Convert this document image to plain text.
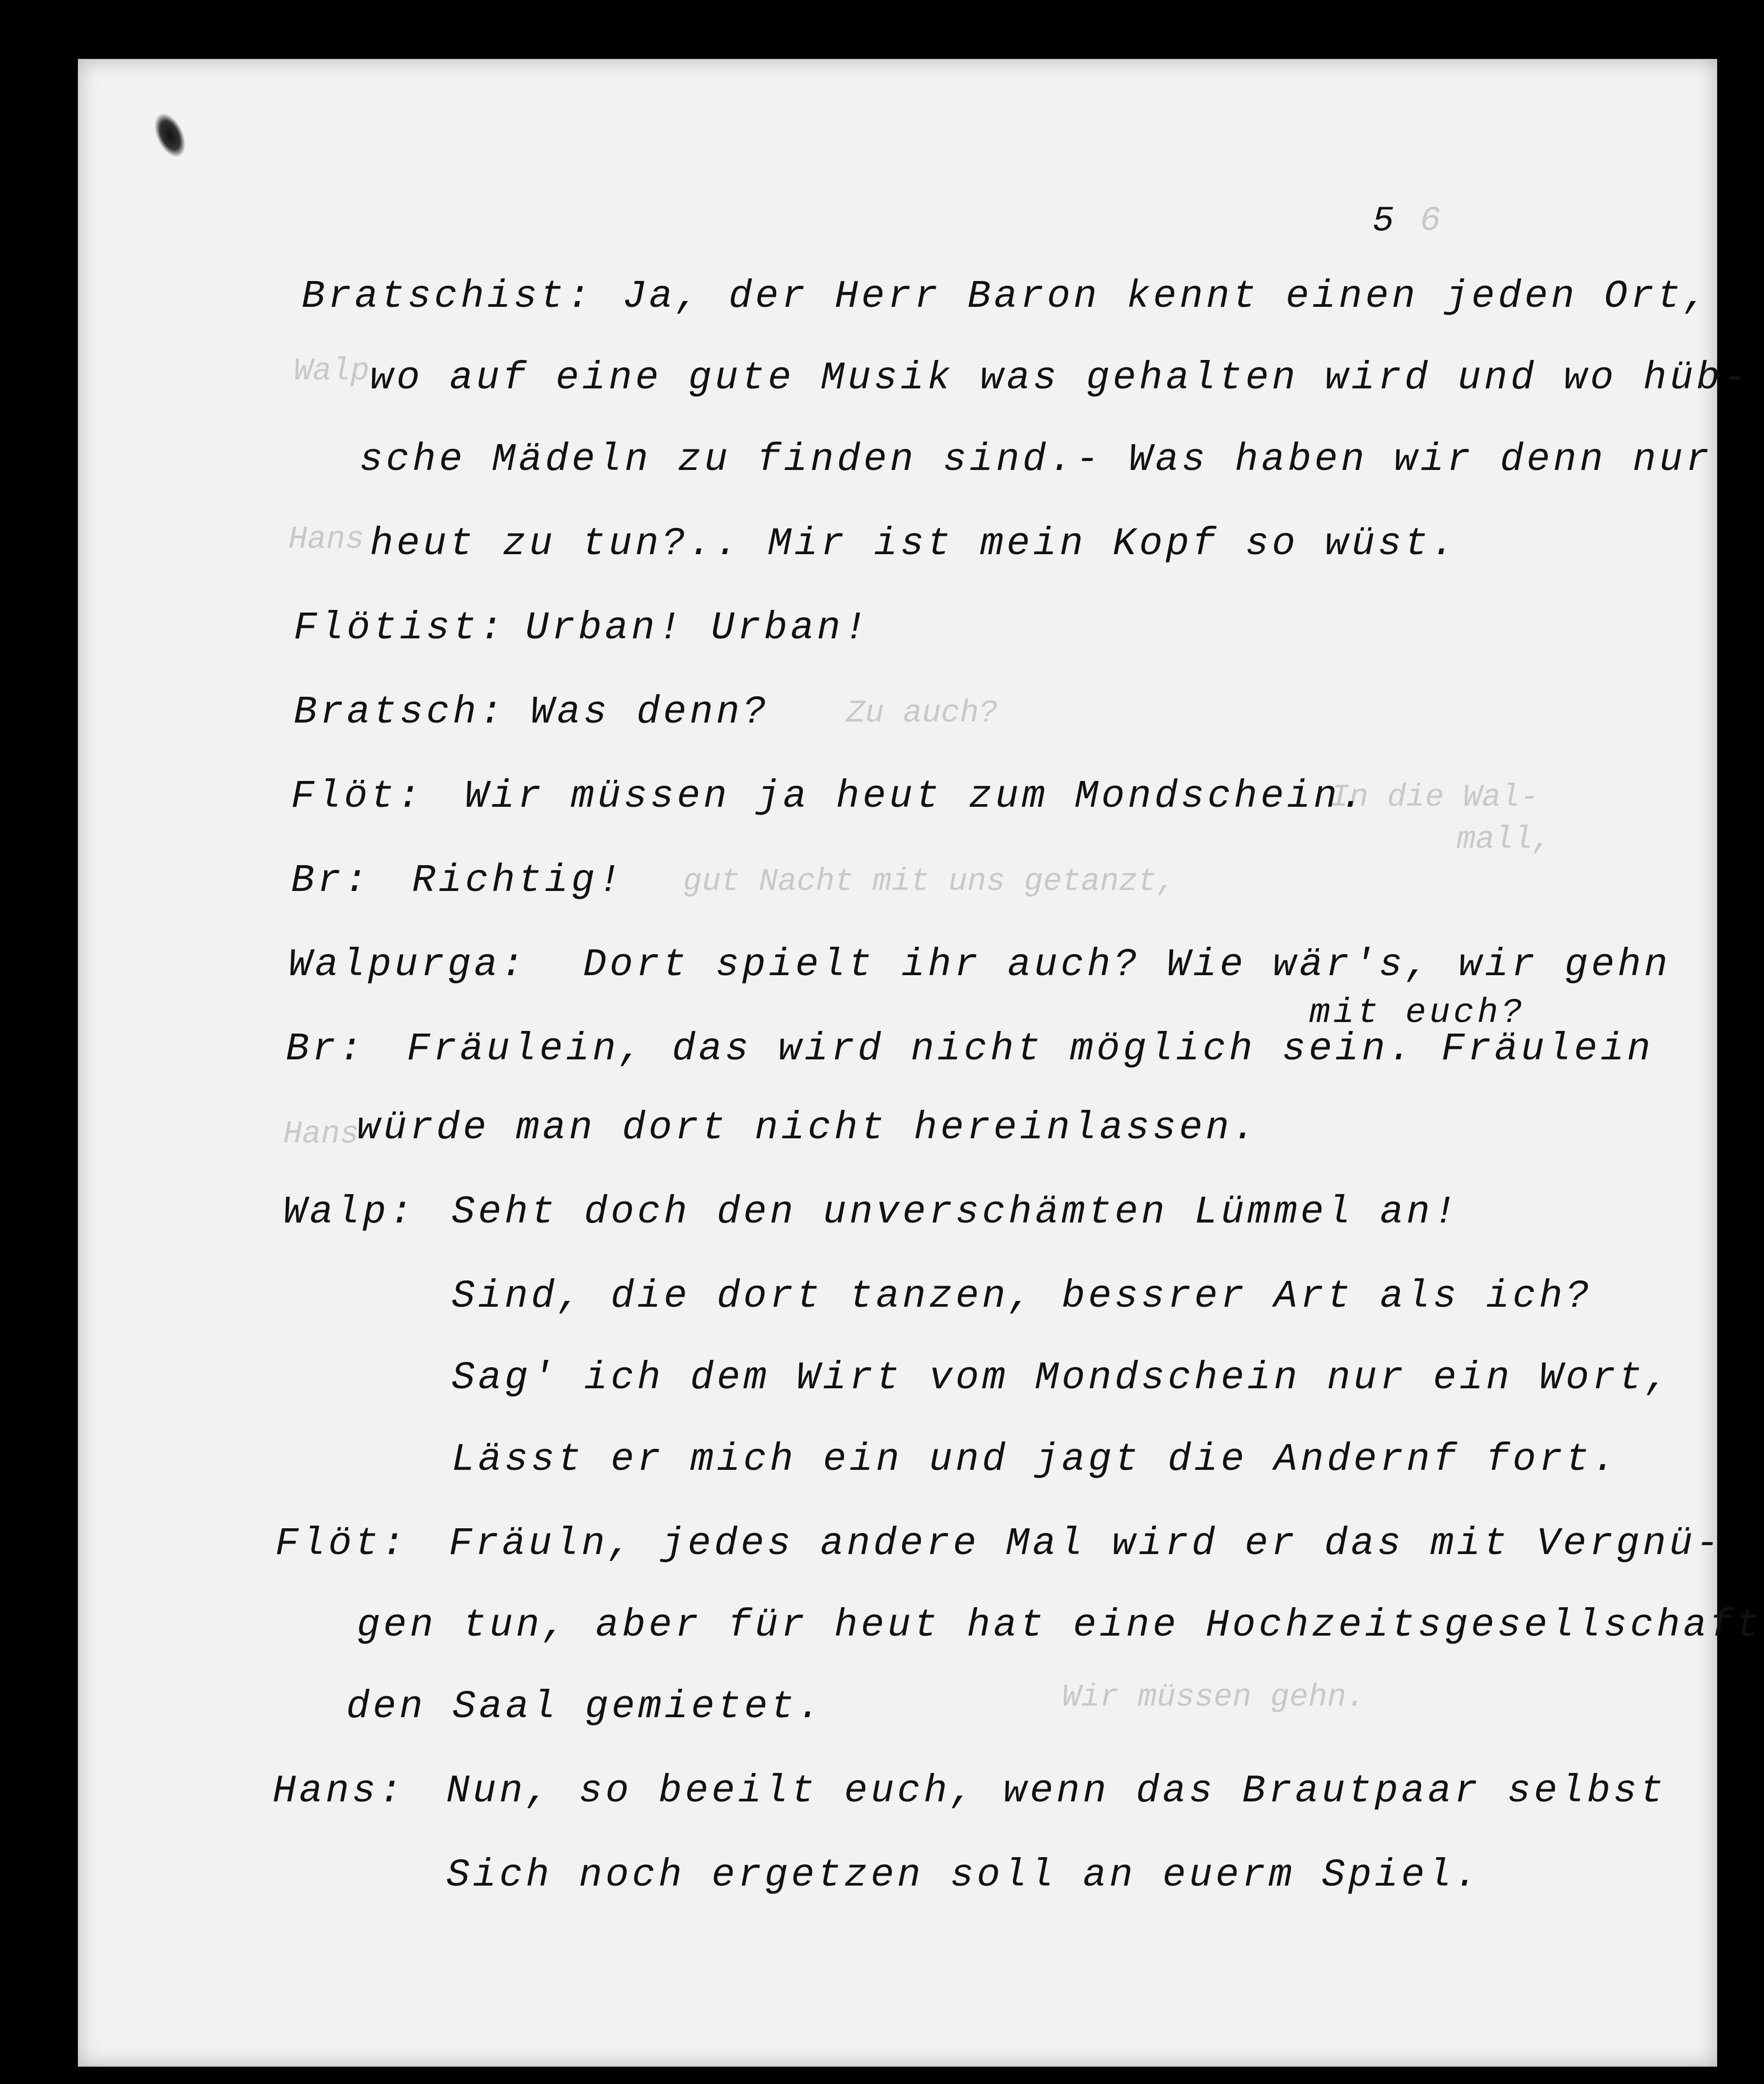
Walp
Hans
Zu auch?
In die Wal-
mall,
gut Nacht mit uns getanzt,
Hans
Wir müssen gehn.
5 6
Bratschist: Ja, der Herr Baron kennt einen jeden Ort,
wo auf eine gute Musik was gehalten wird und wo hüb-
sche Mädeln zu finden sind.- Was haben wir denn nur
heut zu tun?.. Mir ist mein Kopf so wüst.
Flötist: Urban! Urban!
Bratsch: Was denn?
Flöt: Wir müssen ja heut zum Mondschein.
Br: Richtig!
Walpurga: Dort spielt ihr auch? Wie wär's, wir gehn
mit euch?
Br: Fräulein, das wird nicht möglich sein. Fräulein
würde man dort nicht hereinlassen.
Walp: Seht doch den unverschämten Lümmel an!
Sind, die dort tanzen, bessrer Art als ich?
Sag' ich dem Wirt vom Mondschein nur ein Wort,
Lässt er mich ein und jagt die Andernf fort.
Flöt: Fräuln, jedes andere Mal wird er das mit Vergnü-
gen tun, aber für heut hat eine Hochzeitsgesellschaft
den Saal gemietet.
Hans: Nun, so beeilt euch, wenn das Brautpaar selbst
Sich noch ergetzen soll an euerm Spiel.
